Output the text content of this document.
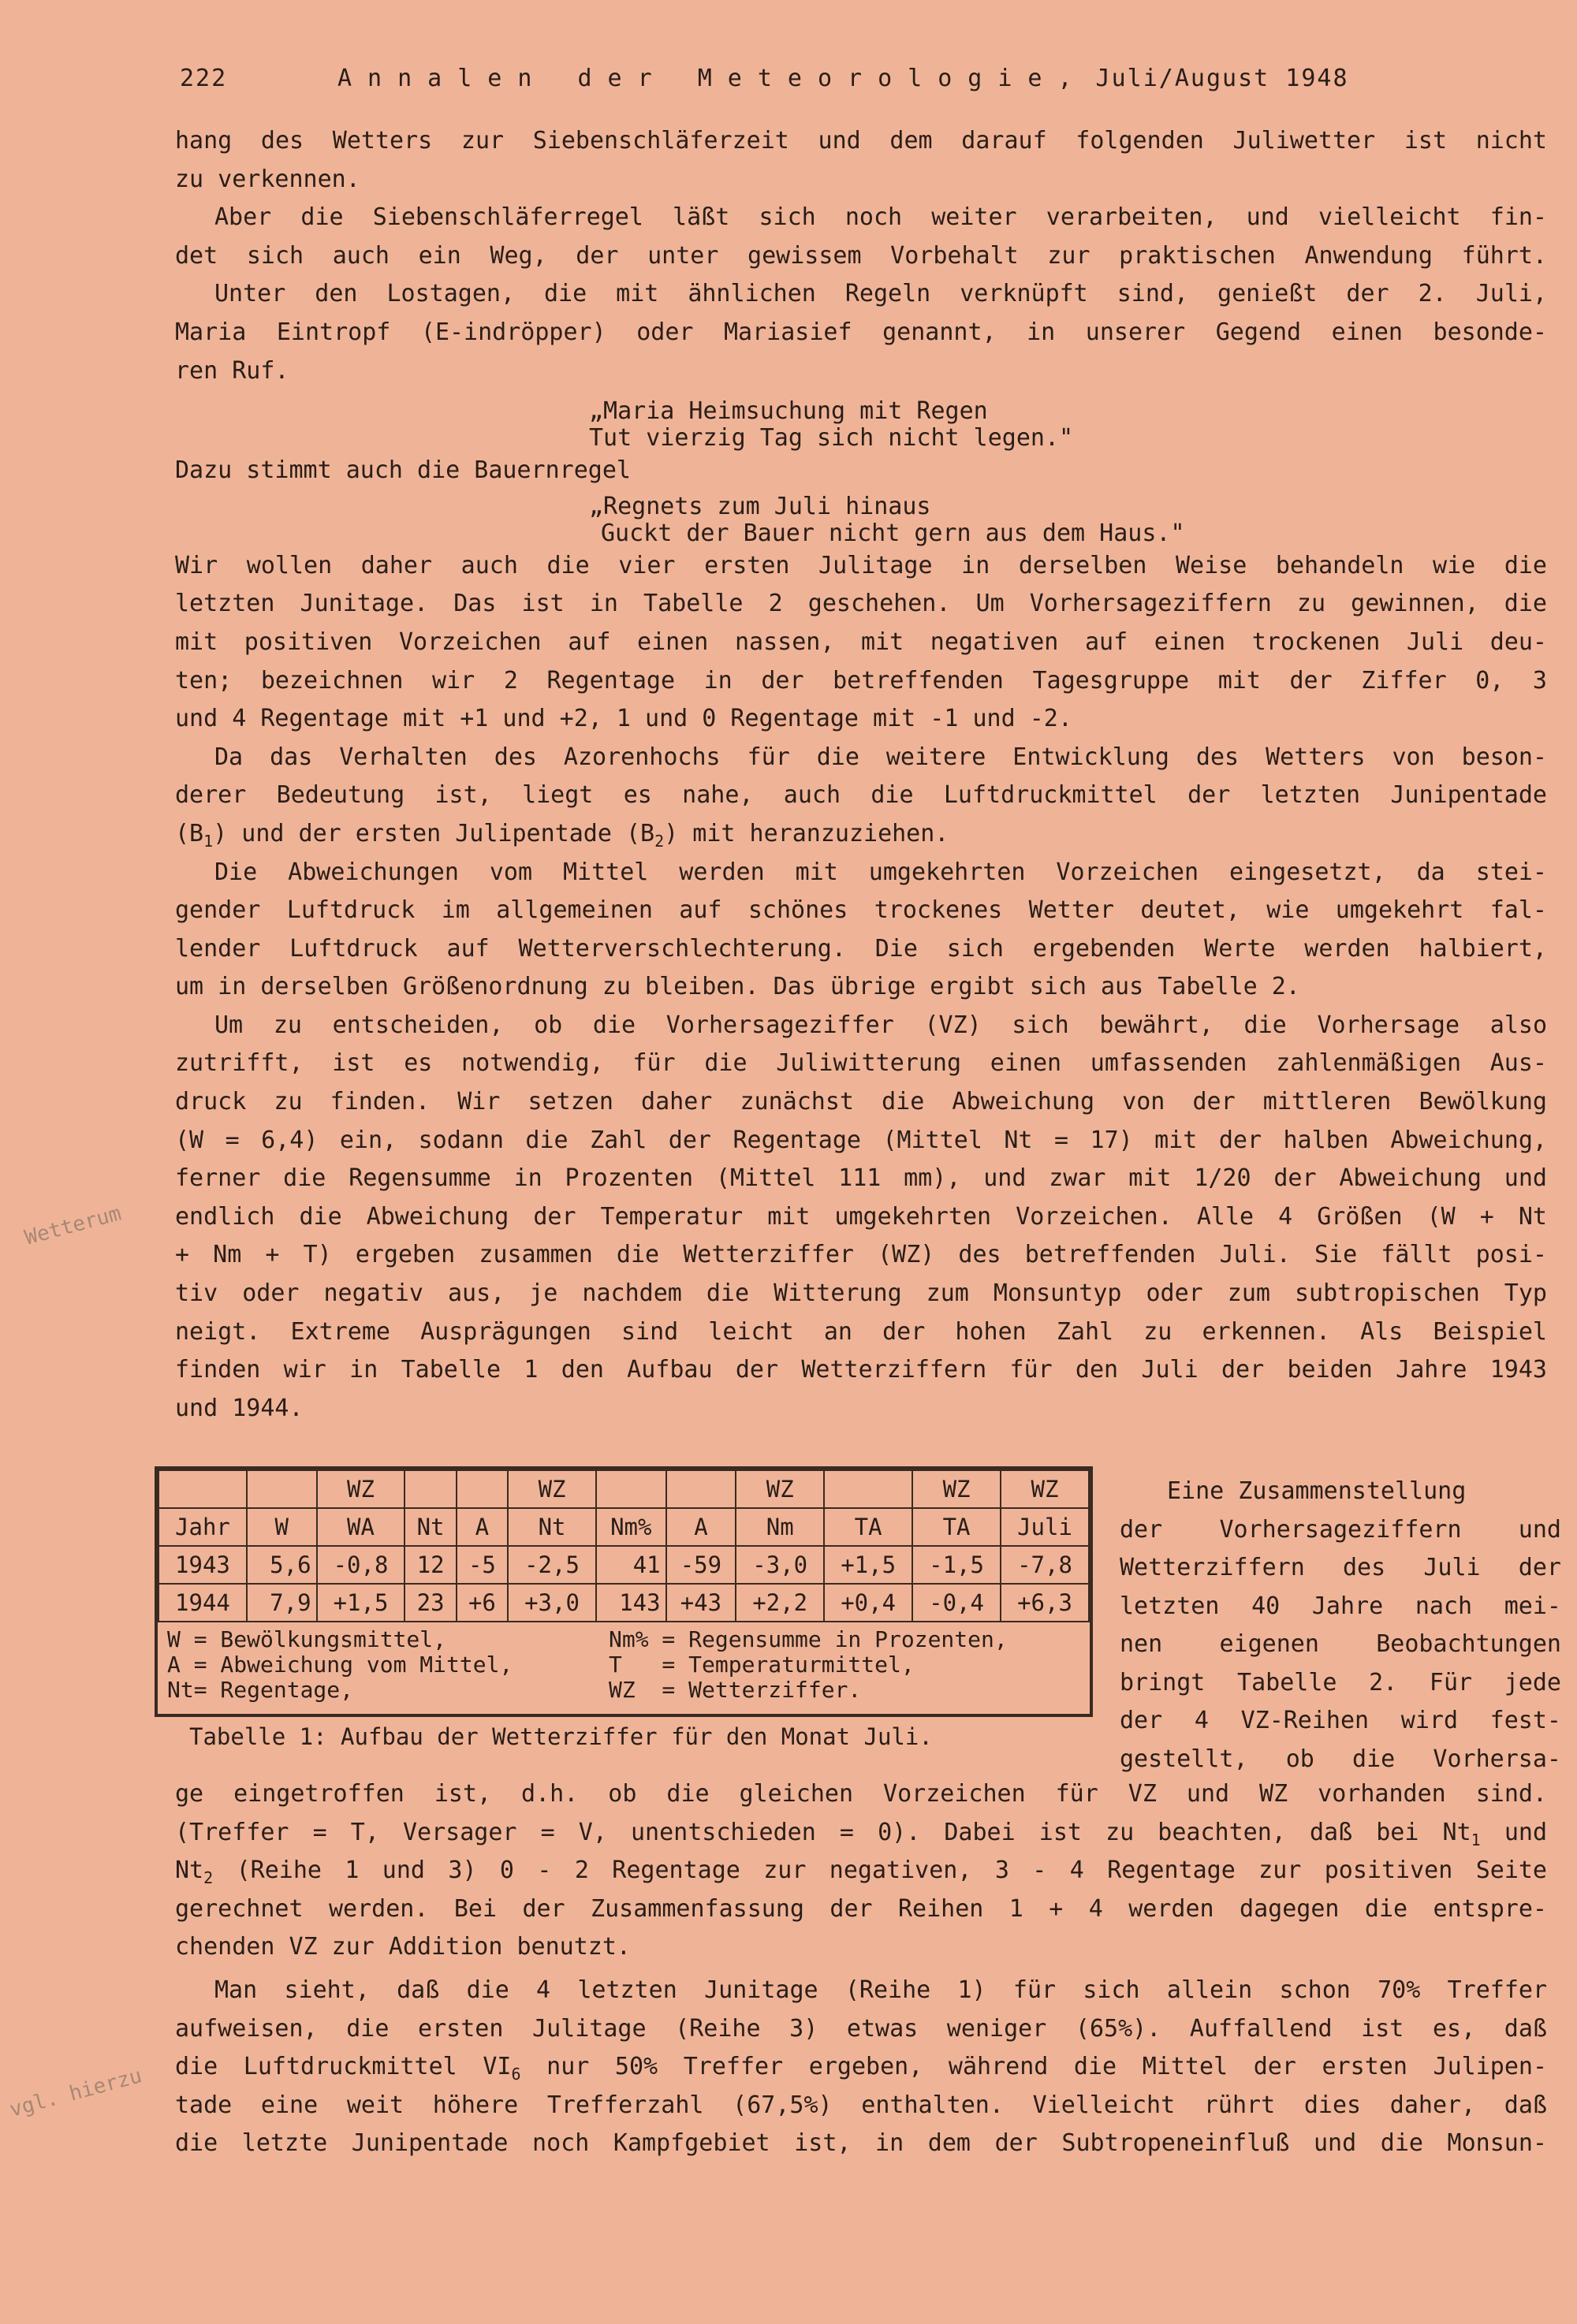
222	Annalen der Meteorologie, Juli/August 1948
hang des Wetters zur Siebenschläferzeit und dem darauf folgenden Juliwetter ist nicht
zu verkennen.
Aber die Siebenschläferregel läßt sich noch weiter verarbeiten, und vielleicht fin-
det sich auch ein Weg, der unter gewissem Vorbehalt zur praktischen Anwendung führt.
Unter den Lostagen, die mit ähnlichen Regeln verknüpft sind, genießt der 2. Juli,
Maria Eintropf (E-indröpper) oder Mariasief genannt, in unserer Gegend einen besonde-
ren Ruf.
„Maria Heimsuchung mit Regen
Tut vierzig Tag sich nicht legen."
Dazu stimmt auch die Bauernregel
„Regnets zum Juli hinaus
Guckt der Bauer nicht gern aus dem Haus."
Wir wollen daher auch die vier ersten Julitage in derselben Weise behandeln wie die
letzten Junitage. Das ist in Tabelle 2 geschehen. Um Vorhersageziffern zu gewinnen, die
mit positiven Vorzeichen auf einen nassen, mit negativen auf einen trockenen Juli deu-
ten; bezeichnen wir 2 Regentage in der betreffenden Tagesgruppe mit der Ziffer 0, 3
und 4 Regentage mit +1 und +2, 1 und 0 Regentage mit -1 und -2.
Da das Verhalten des Azorenhochs für die weitere Entwicklung des Wetters von beson-
derer Bedeutung ist, liegt es nahe, auch die Luftdruckmittel der letzten Junipentade
$(B_1)$ und der ersten Julipentade $(B_2)$ mit heranzuziehen.
Die Abweichungen vom Mittel werden mit umgekehrten Vorzeichen eingesetzt, da stei-
gender Luftdruck im allgemeinen auf schönes trockenes Wetter deutet, wie umgekehrt fal-
lender Luftdruck auf Wetterverschlechterung. Die sich ergebenden Werte werden halbiert,
um in derselben Größenordnung zu bleiben. Das übrige ergibt sich aus Tabelle 2.
Um zu entscheiden, ob die Vorhersageziffer (VZ) sich bewährt, die Vorhersage also
zutrifft, ist es notwendig, für die Juliwitterung einen umfassenden zahlenmäßigen Aus-
druck zu finden. Wir setzen daher zunächst die Abweichung von der mittleren Bewölkung
(W = 6,4) ein, sodann die Zahl der Regentage (Mittel Nt = 17) mit der halben Abweichung,
ferner die Regensumme in Prozenten (Mittel 111 mm), und zwar mit 1/20 der Abweichung und
endlich die Abweichung der Temperatur mit umgekehrten Vorzeichen. Alle 4 Größen (W + Nt
+ Nm + T) ergeben zusammen die Wetterziffer (WZ) des betreffenden Juli. Sie fällt posi-
tiv oder negativ aus, je nachdem die Witterung zum Monsuntyp oder zum subtropischen Typ
neigt. Extreme Ausprägungen sind leicht an der hohen Zahl zu erkennen. Als Beispiel
finden wir in Tabelle 1 den Aufbau der Wetterziffern für den Juli der beiden Jahre 1943
und 1944.
		WZ			WZ			WZ		WZ	WZ
Jahr	W	WA	Nt	A	Nt	Nm%	A	Nm	TA	TA	Juli
1943	5,6	-0,8	12	-5	-2,5	41	-59	-3,0	+1,5	-1,5	-7,8
1944	7,9	+1,5	23	+6	+3,0	143	+43	+2,2	+0,4	-0,4	+6,3
W = Bewölkungsmittel,	Nm% = Regensumme in Prozenten,
A = Abweichung vom Mittel,	T   = Temperaturmittel,
Nt= Regentage,	WZ  = Wetterziffer.
Tabelle 1: Aufbau der Wetterziffer für den Monat Juli.
Eine Zusammenstellung
der Vorhersageziffern und
Wetterziffern des Juli der
letzten 40 Jahre nach mei-
nen eigenen Beobachtungen
bringt Tabelle 2. Für jede
der 4 VZ-Reihen wird fest-
gestellt, ob die Vorhersa-
ge eingetroffen ist, d.h. ob die gleichen Vorzeichen für VZ und WZ vorhanden sind.
(Treffer = T, Versager = V, unentschieden = 0). Dabei ist zu beachten, daß bei $Nt_1$ und
$Nt_2$ (Reihe 1 und 3) 0 - 2 Regentage zur negativen, 3 - 4 Regentage zur positiven Seite
gerechnet werden. Bei der Zusammenfassung der Reihen 1 + 4 werden dagegen die entspre-
chenden VZ zur Addition benutzt.
Man sieht, daß die 4 letzten Junitage (Reihe 1) für sich allein schon 70% Treffer
aufweisen, die ersten Julitage (Reihe 3) etwas weniger (65%). Auffallend ist es, daß
die Luftdruckmittel $VI_6$ nur 50% Treffer ergeben, während die Mittel der ersten Julipen-
tade eine weit höhere Trefferzahl (67,5%) enthalten. Vielleicht rührt dies daher, daß
die letzte Junipentade noch Kampfgebiet ist, in dem der Subtropeneinfluß und die Monsun-
Wetterum
vgl. hierzu
